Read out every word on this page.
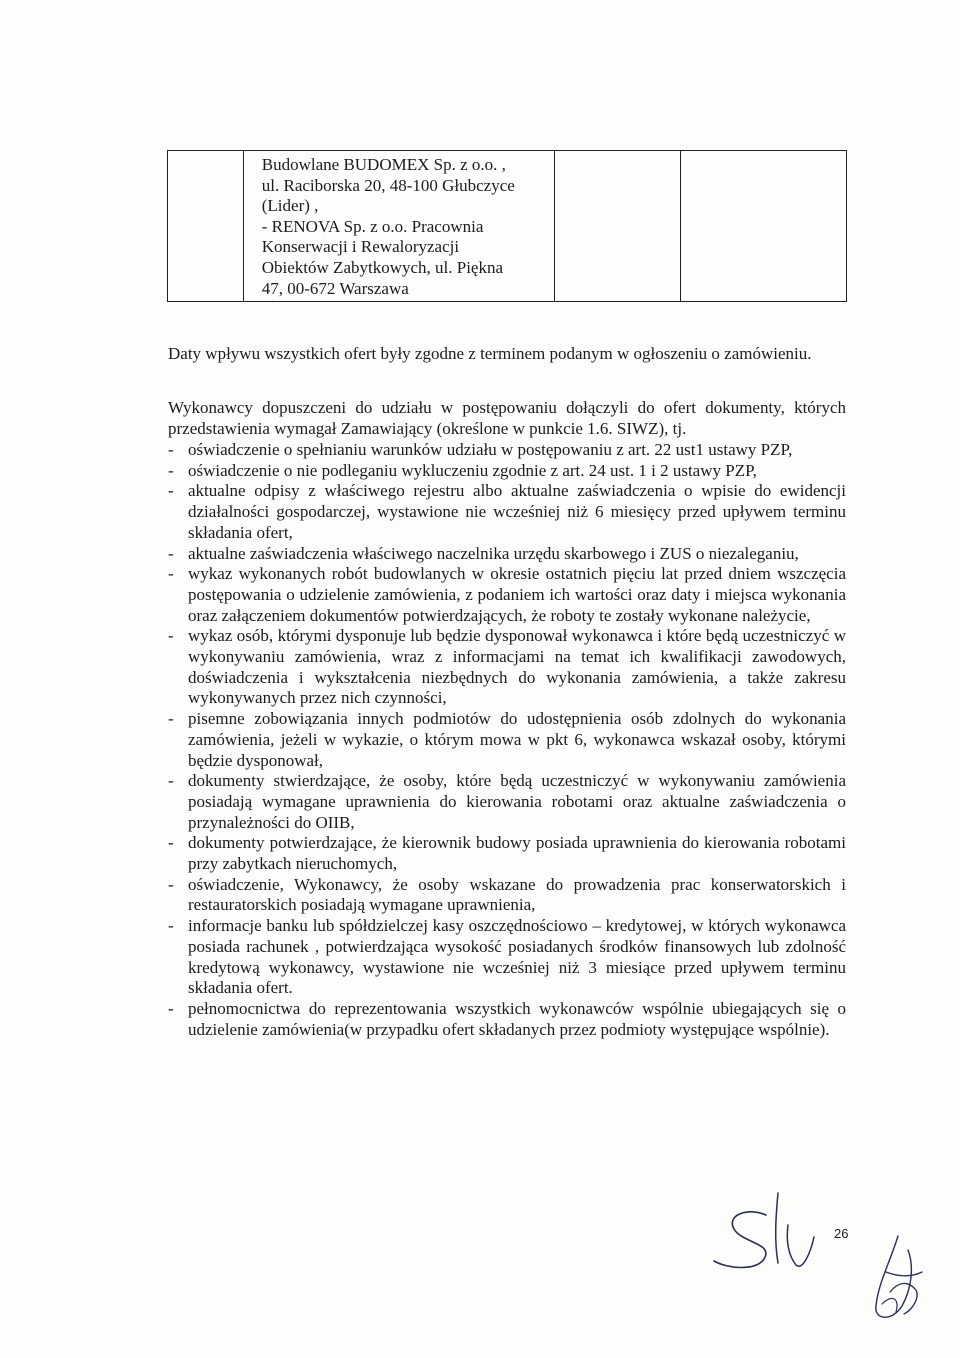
Budowlane BUDOMEX Sp. z o.o. ,
ul. Raciborska 20, 48-100 Głubczyce
(Lider) ,
- RENOVA Sp. z o.o. Pracownia
Konserwacji i Rewaloryzacji
Obiektów Zabytkowych, ul. Piękna
47, 00-672 Warszawa
Daty wpływu wszystkich ofert były zgodne z terminem podanym w ogłoszeniu o zamówieniu.
Wykonawcy dopuszczeni do udziału w postępowaniu dołączyli do ofert dokumenty, których przedstawienia wymagał Zamawiający (określone w punkcie 1.6. SIWZ), tj.
- oświadczenie o spełnianiu warunków udziału w postępowaniu z art. 22 ust1 ustawy PZP,
- oświadczenie o nie podleganiu wykluczeniu zgodnie z art. 24 ust. 1 i 2 ustawy PZP,
- aktualne odpisy z właściwego rejestru albo aktualne zaświadczenia o wpisie do ewidencji działalności gospodarczej, wystawione nie wcześniej niż 6 miesięcy przed upływem terminu składania ofert,
- aktualne zaświadczenia właściwego naczelnika urzędu skarbowego i ZUS o niezaleganiu,
- wykaz wykonanych robót budowlanych w okresie ostatnich pięciu lat przed dniem wszczęcia postępowania o udzielenie zamówienia, z podaniem ich wartości oraz daty i miejsca wykonania oraz załączeniem dokumentów potwierdzających, że roboty te zostały wykonane należycie,
- wykaz osób, którymi dysponuje lub będzie dysponował wykonawca i które będą uczestniczyć w wykonywaniu zamówienia, wraz z informacjami na temat ich kwalifikacji zawodowych, doświadczenia i wykształcenia niezbędnych do wykonania zamówienia, a także zakresu wykonywanych przez nich czynności,
- pisemne zobowiązania innych podmiotów do udostępnienia osób zdolnych do wykonania zamówienia, jeżeli w wykazie, o którym mowa w pkt 6, wykonawca wskazał osoby, którymi będzie dysponował,
- dokumenty stwierdzające, że osoby, które będą uczestniczyć w wykonywaniu zamówienia posiadają wymagane uprawnienia do kierowania robotami oraz aktualne zaświadczenia o przynależności do OIIB,
- dokumenty potwierdzające, że kierownik budowy posiada uprawnienia do kierowania robotami przy zabytkach nieruchomych,
- oświadczenie, Wykonawcy, że osoby wskazane do prowadzenia prac konserwatorskich i restauratorskich posiadają wymagane uprawnienia,
- informacje banku lub spółdzielczej kasy oszczędnościowo – kredytowej, w których wykonawca posiada rachunek , potwierdzająca wysokość posiadanych środków finansowych lub zdolność kredytową wykonawcy, wystawione nie wcześniej niż 3 miesiące przed upływem terminu składania ofert.
- pełnomocnictwa do reprezentowania wszystkich wykonawców wspólnie ubiegających się o udzielenie zamówienia(w przypadku ofert składanych przez podmioty występujące wspólnie).
26
